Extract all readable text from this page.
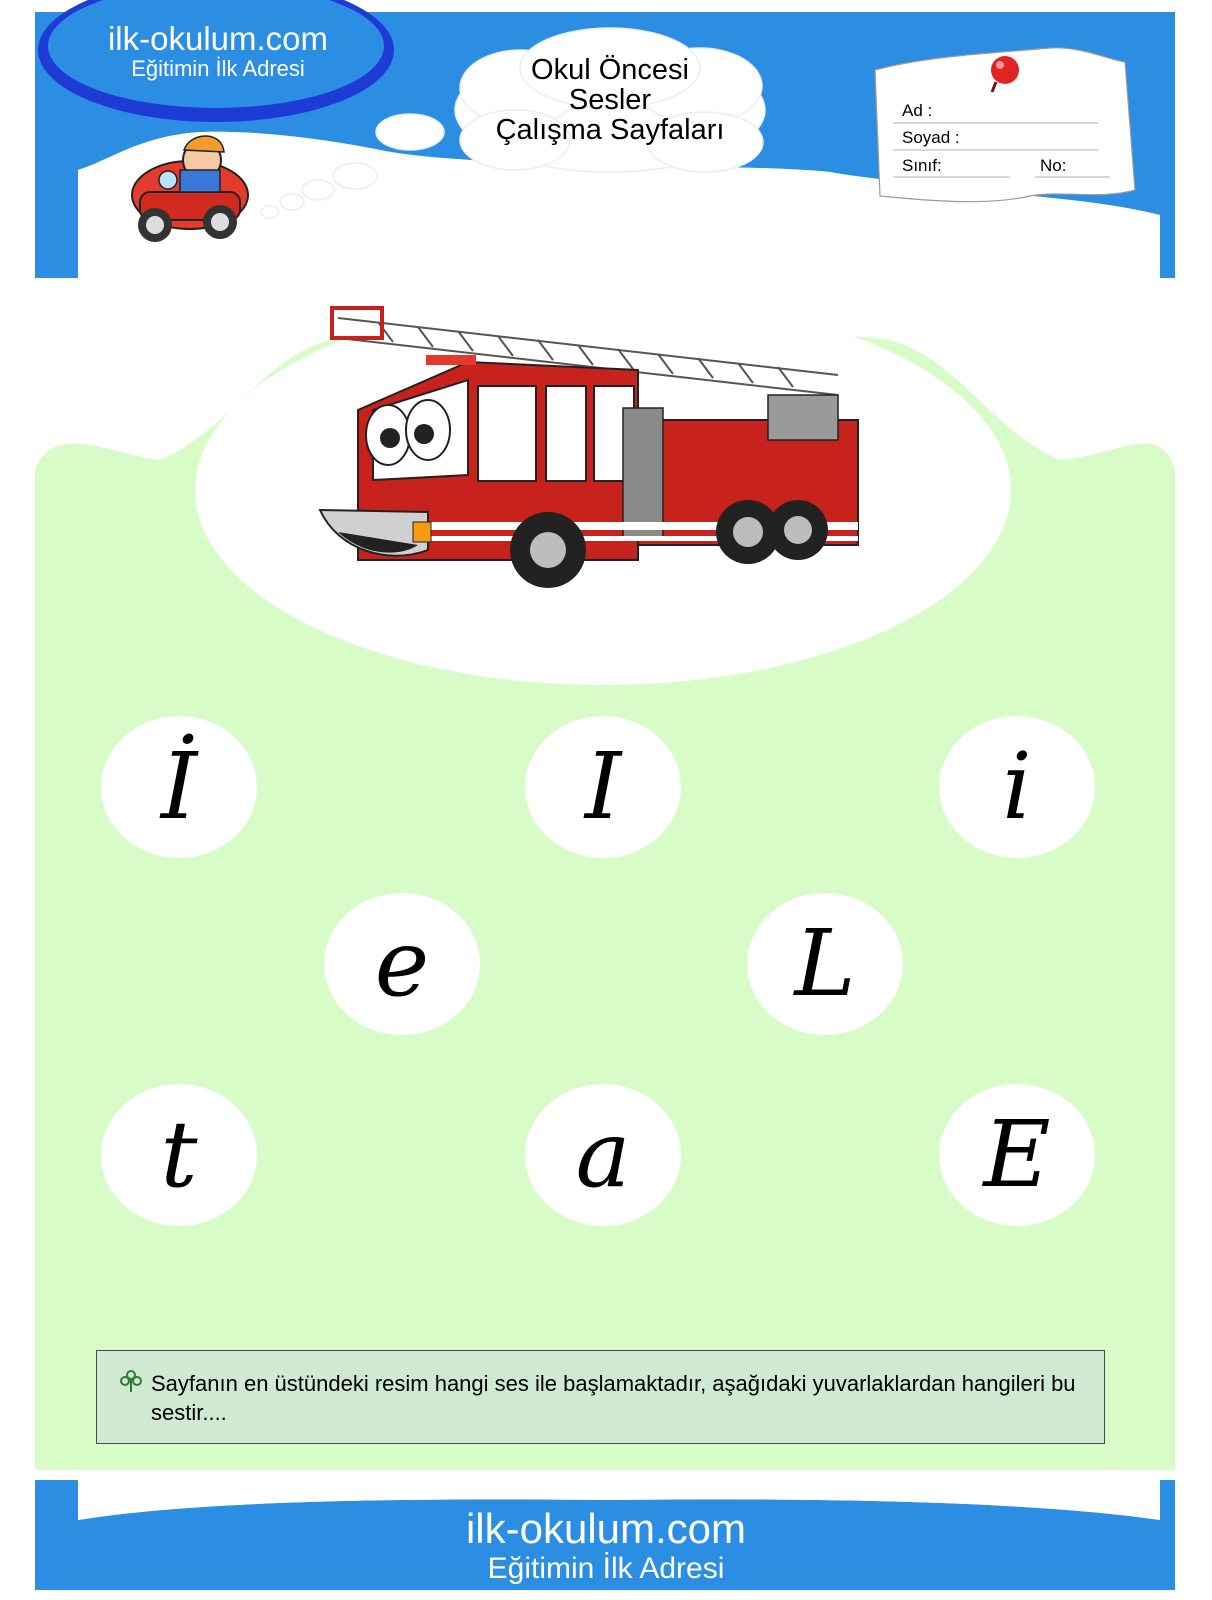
ilk-okulum.com
Eğitimin İlk Adresi	Okul Öncesi
Sesler
Çalışma Sayfaları
Ad :
Soyad :
Sınıf:	No:
İ	I	i
e	L
t	a	E
Sayfanın en üstündeki resim hangi ses ile başlamaktadır, aşağıdaki yuvarlaklardan hangileri bu sestir....
ilk-okulum.com
Eğitimin İlk Adresi
